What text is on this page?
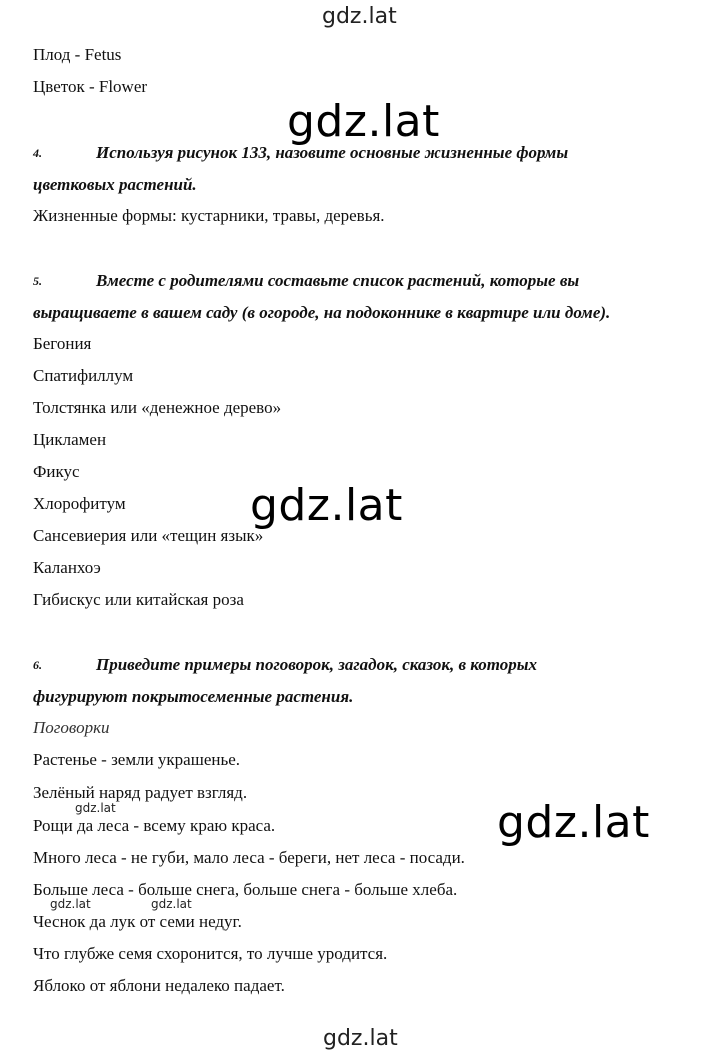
gdz.lat
gdz.lat
gdz.lat
gdz.lat
gdz.lat
gdz.lat	gdz.lat
gdz.lat
Плод - Fetus
Цветок - Flower
4.	Используя рисунок 133, назовите основные жизненные формы
цветковых растений.
Жизненные формы: кустарники, травы, деревья.
5.	Вместе с родителями составьте список растений, которые вы
выращиваете в вашем саду (в огороде, на подоконнике в квартире или доме).
Бегония
Спатифиллум
Толстянка или «денежное дерево»
Цикламен
Фикус
Хлорофитум
Сансевиерия или «тещин язык»
Каланхоэ
Гибискус или китайская роза
6.	Приведите примеры поговорок, загадок, сказок, в которых
фигурируют покрытосеменные растения.
Поговорки
Растенье - земли украшенье.
Зелёный наряд радует взгляд.
Рощи да леса - всему краю краса.
Много леса - не губи, мало леса - береги, нет леса - посади.
Больше леса - больше снега, больше снега - больше хлеба.
Чеснок да лук от семи недуг.
Что глубже семя схоронится, то лучше уродится.
Яблоко от яблони недалеко падает.
